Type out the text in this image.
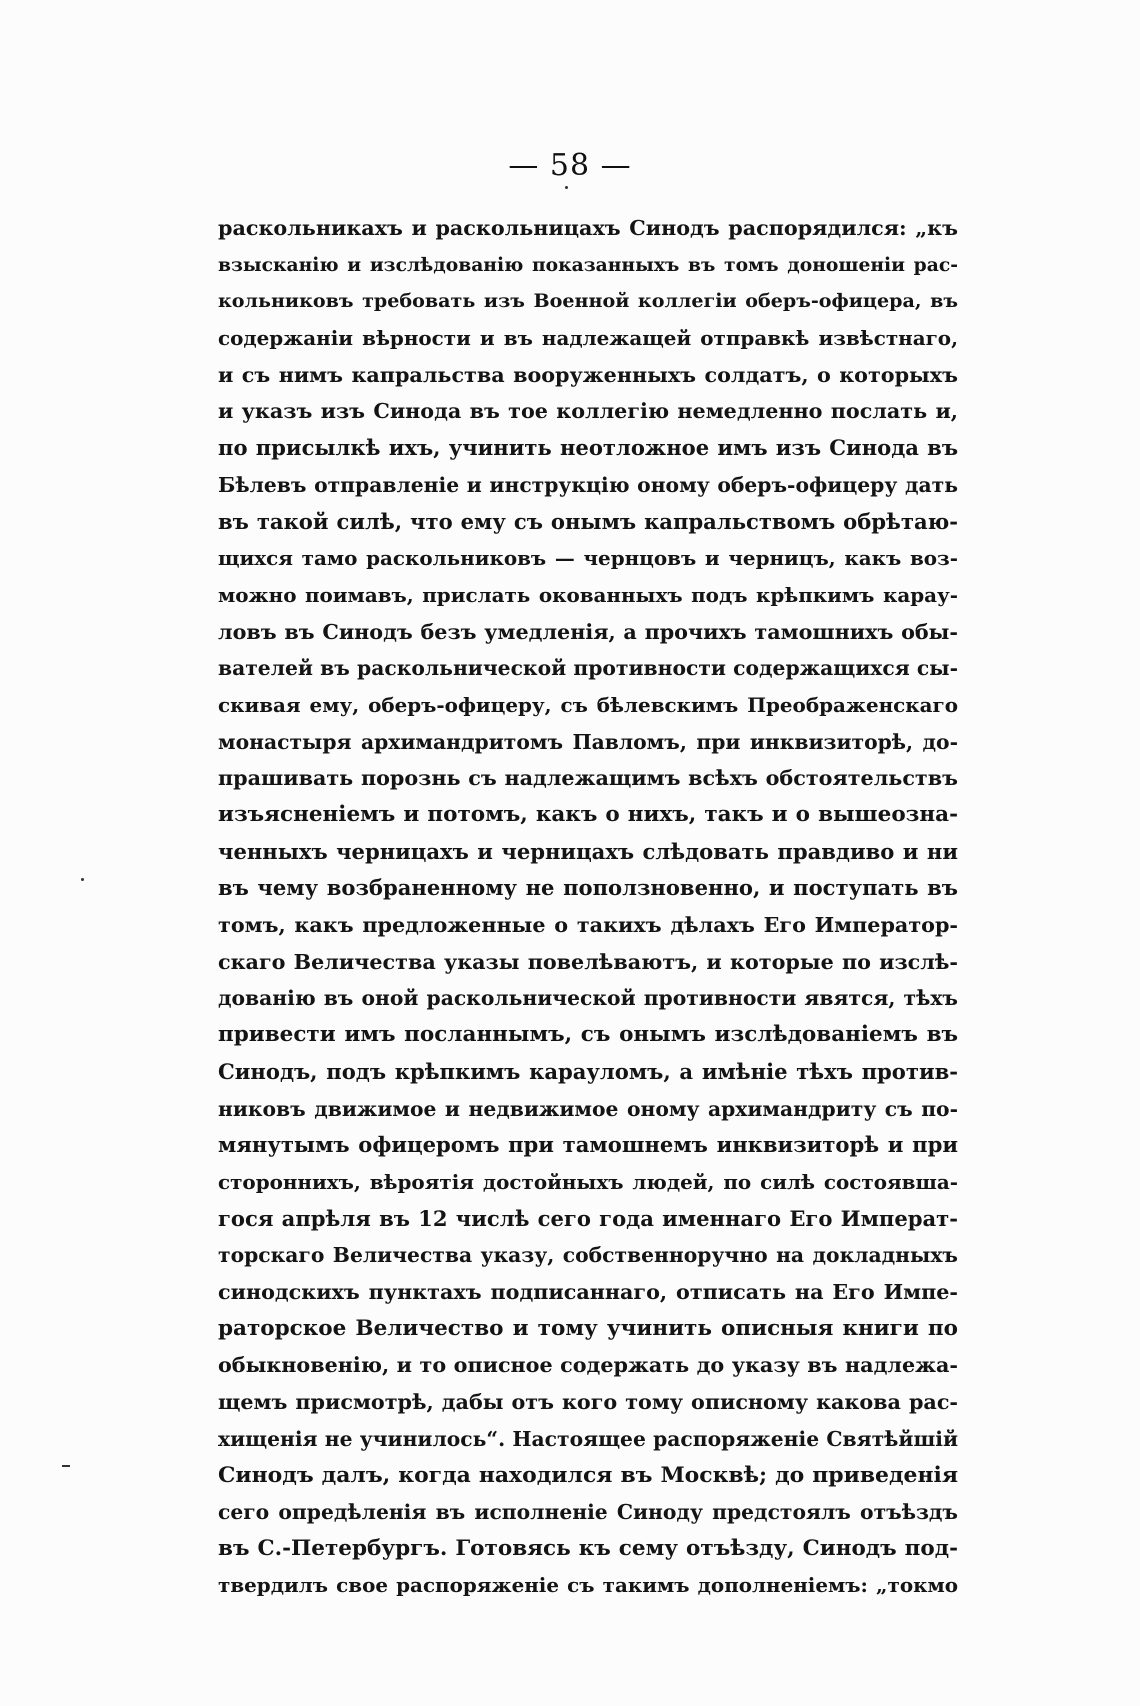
— 58 —
раскольникахъ и раскольницахъ Синодъ распорядился: „къ
взысканію и изслѣдованію показанныхъ въ томъ доношеніи рас-
кольниковъ требовать изъ Военной коллегіи оберъ-офицера, въ
содержаніи вѣрности и въ надлежащей отправкѣ извѣстнаго,
и съ нимъ капральства вооруженныхъ солдатъ, о которыхъ
и указъ изъ Синода въ тое коллегію немедленно послать и,
по присылкѣ ихъ, учинить неотложное имъ изъ Синода въ
Бѣлевъ отправленіе и инструкцію оному оберъ-офицеру дать
въ такой силѣ, что ему съ онымъ капральствомъ обрѣтаю-
щихся тамо раскольниковъ — чернцовъ и черницъ, какъ воз-
можно поимавъ, прислать окованныхъ подъ крѣпкимъ карау-
ловъ въ Синодъ безъ умедленія, а прочихъ тамошнихъ обы-
вателей въ раскольнической противности содержащихся сы-
скивая ему, оберъ-офицеру, съ бѣлевскимъ Преображенскаго
монастыря архимандритомъ Павломъ, при инквизиторѣ, до-
прашивать порознь съ надлежащимъ всѣхъ обстоятельствъ
изъясненіемъ и потомъ, какъ о нихъ, такъ и о вышеозна-
ченныхъ черницахъ и черницахъ слѣдовать правдиво и ни
въ чему возбраненному не поползновенно, и поступать въ
томъ, какъ предложенные о такихъ дѣлахъ Его Император-
скаго Величества указы повелѣваютъ, и которые по изслѣ-
дованію въ оной раскольнической противности явятся, тѣхъ
привести имъ посланнымъ, съ онымъ изслѣдованіемъ въ
Синодъ, подъ крѣпкимъ карауломъ, а имѣніе тѣхъ против-
никовъ движимое и недвижимое оному архимандриту съ по-
мянутымъ офицеромъ при тамошнемъ инквизиторѣ и при
стороннихъ, вѣроятія достойныхъ людей, по силѣ состоявша-
гося апрѣля въ 12 числѣ сего года именнаго Его Императ-
торскаго Величества указу, собственноручно на докладныхъ
синодскихъ пунктахъ подписаннаго, отписать на Его Импе-
раторское Величество и тому учинить описныя книги по
обыкновенію, и то описное содержать до указу въ надлежа-
щемъ присмотрѣ, дабы отъ кого тому описному какова рас-
хищенія не учинилось“. Настоящее распоряженіе Святѣйшій
Синодъ далъ, когда находился въ Москвѣ; до приведенія
сего опредѣленія въ исполненіе Синоду предстоялъ отъѣздъ
въ С.-Петербургъ. Готовясь къ сему отъѣзду, Синодъ под-
твердилъ свое распоряженіе съ такимъ дополненіемъ: „токмо
